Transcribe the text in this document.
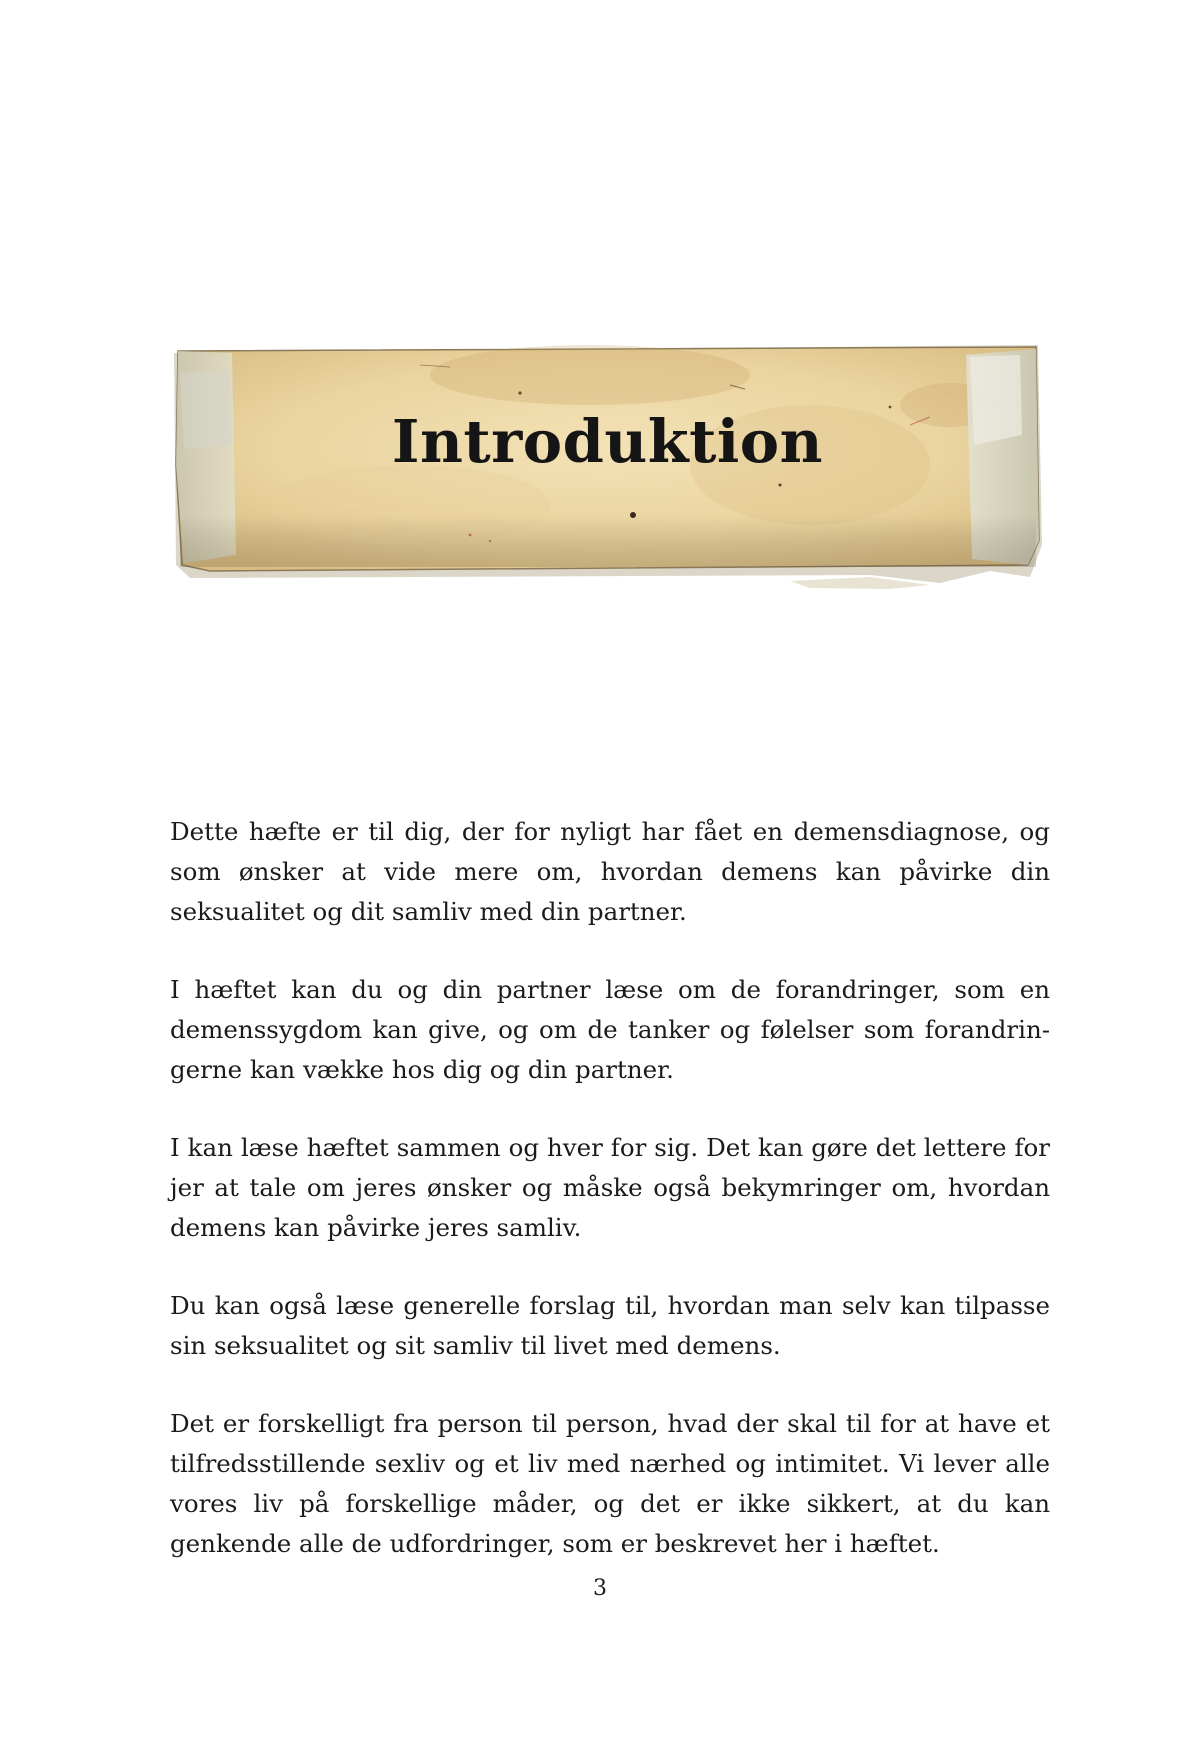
Introduktion

Dette hæfte er til dig, der for nyligt har fået en demensdiagnose, og som ønsker at vide mere om, hvordan demens kan påvirke din seksualitet og dit samliv med din partner.

I hæftet kan du og din partner læse om de forandringer, som en demenssygdom kan give, og om de tanker og følelser som forandringerne kan vække hos dig og din partner.

I kan læse hæftet sammen og hver for sig. Det kan gøre det lettere for jer at tale om jeres ønsker og måske også bekymringer om, hvordan demens kan påvirke jeres samliv.

Du kan også læse generelle forslag til, hvordan man selv kan tilpasse sin seksualitet og sit samliv til livet med demens.

Det er forskelligt fra person til person, hvad der skal til for at have et tilfredsstillende sexliv og et liv med nærhed og intimitet. Vi lever alle vores liv på forskellige måder, og det er ikke sikkert, at du kan genkende alle de udfordringer, som er beskrevet her i hæftet.

3
